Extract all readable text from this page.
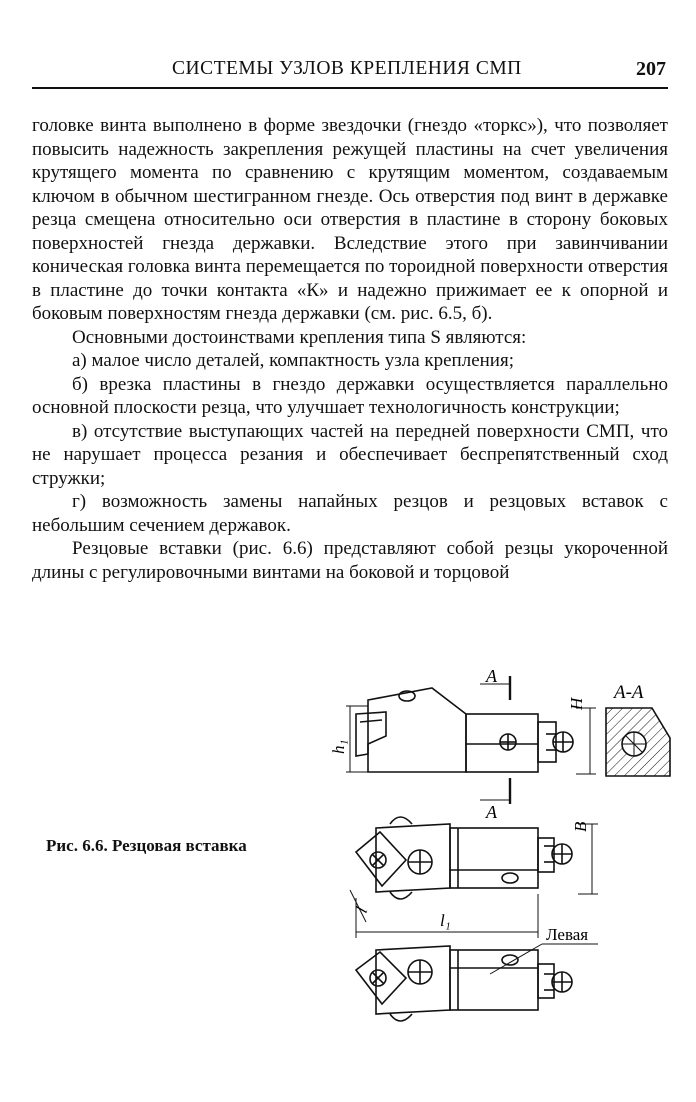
СИСТЕМЫ УЗЛОВ КРЕПЛЕНИЯ СМП	207

головке винта выполнено в форме звездочки (гнездо «торкс»), что позволяет повысить надежность закрепления режущей пластины на счет увеличения крутящего момента по сравнению с крутящим моментом, создаваемым ключом в обычном шестигранном гнезде. Ось отверстия под винт в державке резца смещена относительно оси отверстия в пластине в сторону боковых поверхностей гнезда державки. Вследствие этого при завинчивании коническая головка винта перемещается по тороидной поверхности отверстия в пластине до точки контакта «К» и надежно прижимает ее к опорной и боковым поверхностям гнезда державки (см. рис. 6.5, б).

Основными достоинствами крепления типа S являются:

а) малое число деталей, компактность узла крепления;

б) врезка пластины в гнездо державки осуществляется параллельно основной плоскости резца, что улучшает технологичность конструкции;

в) отсутствие выступающих частей на передней поверхности СМП, что не нарушает процесса резания и обеспечивает беспрепятственный сход стружки;

г) возможность замены напайных резцов и резцовых вставок с небольшим сечением державок.

Резцовые вставки (рис. 6.6) представляют собой резцы укороченной длины с регулировочными винтами на боковой и торцовой

Рис. 6.6. Резцовая вставка
A
A
A-A
H
h₁
B
l
l₁
Левая
